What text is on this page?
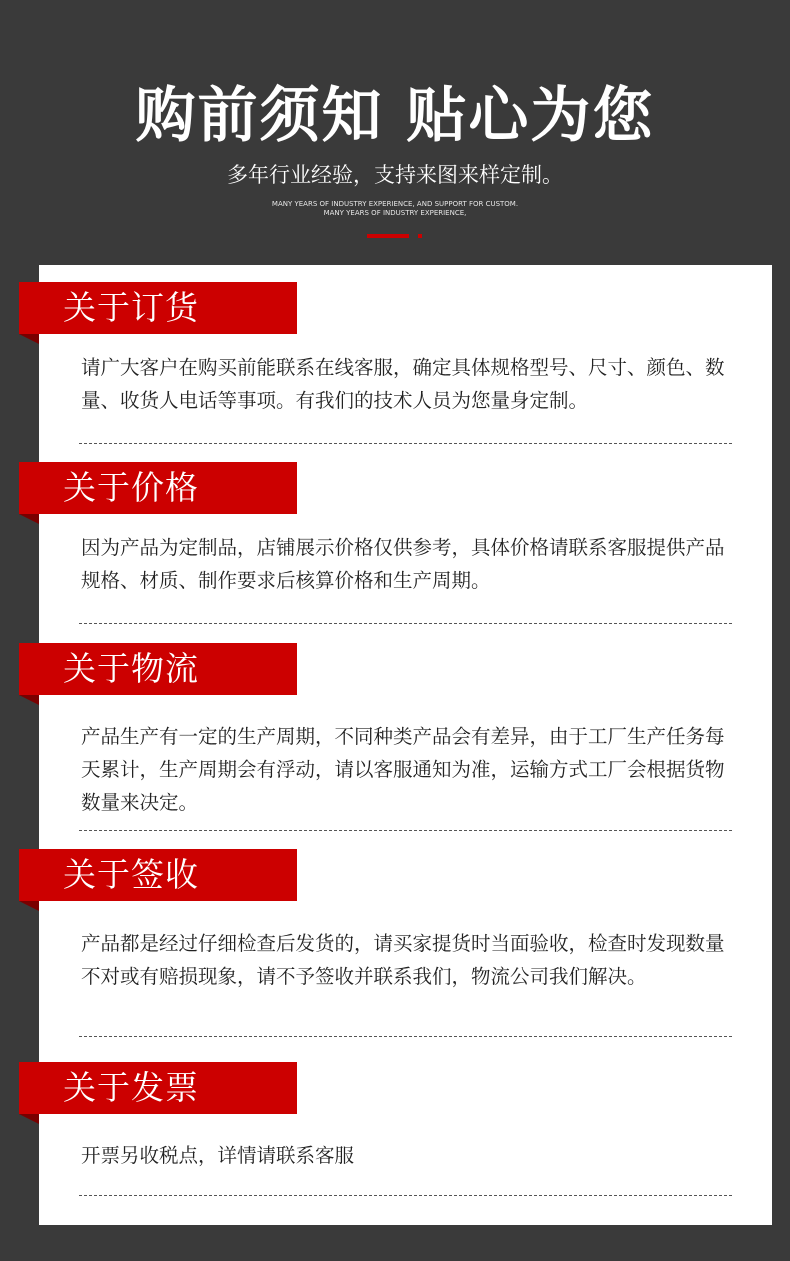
购前须知 贴心为您
多年行业经验，支持来图来样定制。
MANY YEARS OF INDUSTRY EXPERIENCE, AND SUPPORT FOR CUSTOM.
MANY YEARS OF INDUSTRY EXPERIENCE,
关于订货
请广大客户在购买前能联系在线客服，确定具体规格型号、尺寸、颜色、数量、收货人电话等事项。有我们的技术人员为您量身定制。
关于价格
因为产品为定制品，店铺展示价格仅供参考，具体价格请联系客服提供产品规格、材质、制作要求后核算价格和生产周期。
关于物流
产品生产有一定的生产周期，不同种类产品会有差异，由于工厂生产任务每天累计，生产周期会有浮动，请以客服通知为准，运输方式工厂会根据货物数量来决定。
关于签收
产品都是经过仔细检查后发货的，请买家提货时当面验收，检查时发现数量不对或有赔损现象，请不予签收并联系我们，物流公司我们解决。
关于发票
开票另收税点，详情请联系客服
